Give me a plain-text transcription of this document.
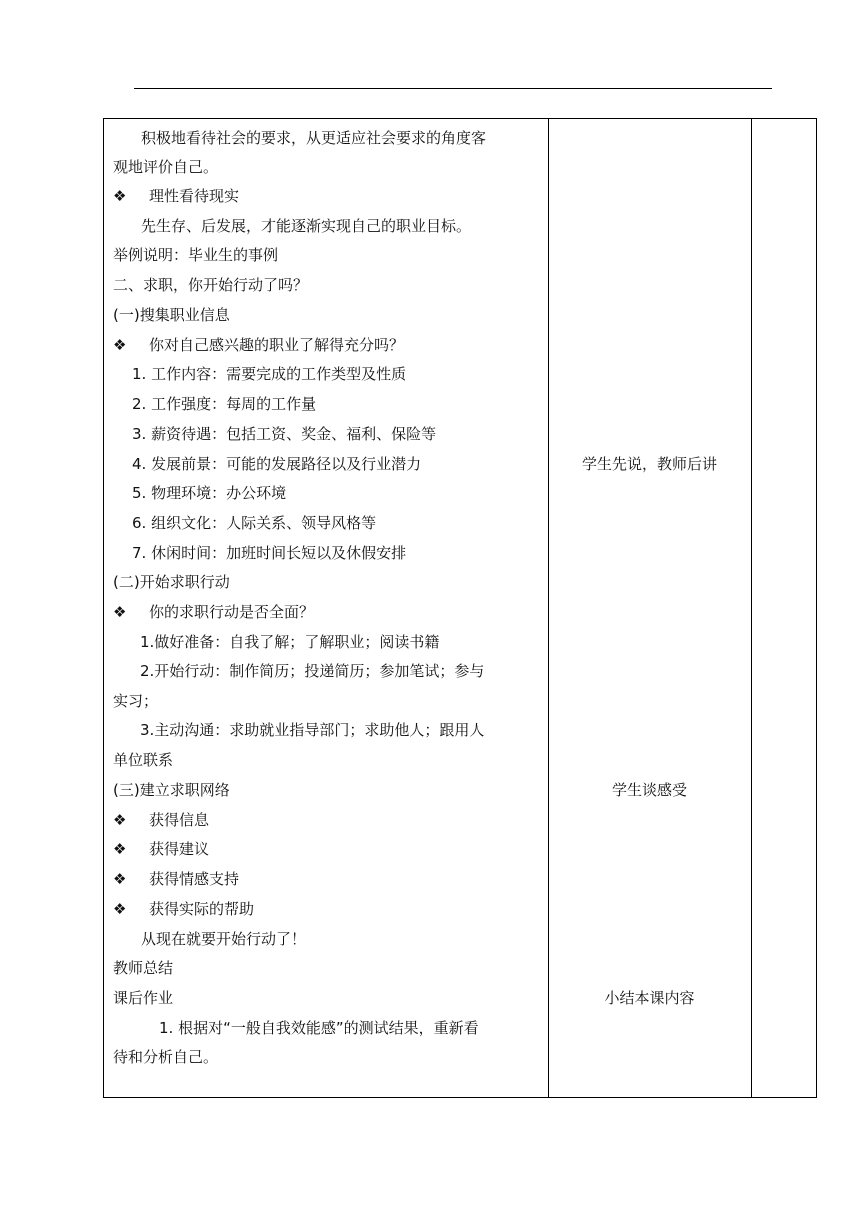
积极地看待社会的要求，从更适应社会要求的角度客
观地评价自己。
❖ 理性看待现实
先生存、后发展，才能逐渐实现自己的职业目标。
举例说明：毕业生的事例
二、求职，你开始行动了吗？
(一)搜集职业信息
❖ 你对自己感兴趣的职业了解得充分吗？
1. 工作内容：需要完成的工作类型及性质
2. 工作强度：每周的工作量
3. 薪资待遇：包括工资、奖金、福利、保险等
4. 发展前景：可能的发展路径以及行业潜力
5. 物理环境：办公环境
6. 组织文化：人际关系、领导风格等
7. 休闲时间：加班时间长短以及休假安排
(二)开始求职行动
❖ 你的求职行动是否全面？
1.做好准备：自我了解；了解职业；阅读书籍
2.开始行动：制作简历；投递简历；参加笔试；参与
实习；
3.主动沟通：求助就业指导部门；求助他人；跟用人
单位联系
(三)建立求职网络
❖ 获得信息
❖ 获得建议
❖ 获得情感支持
❖ 获得实际的帮助
从现在就要开始行动了！
教师总结
课后作业
1. 根据对“一般自我效能感”的测试结果，重新看
待和分析自己。
学生先说，教师后讲
学生谈感受
小结本课内容
